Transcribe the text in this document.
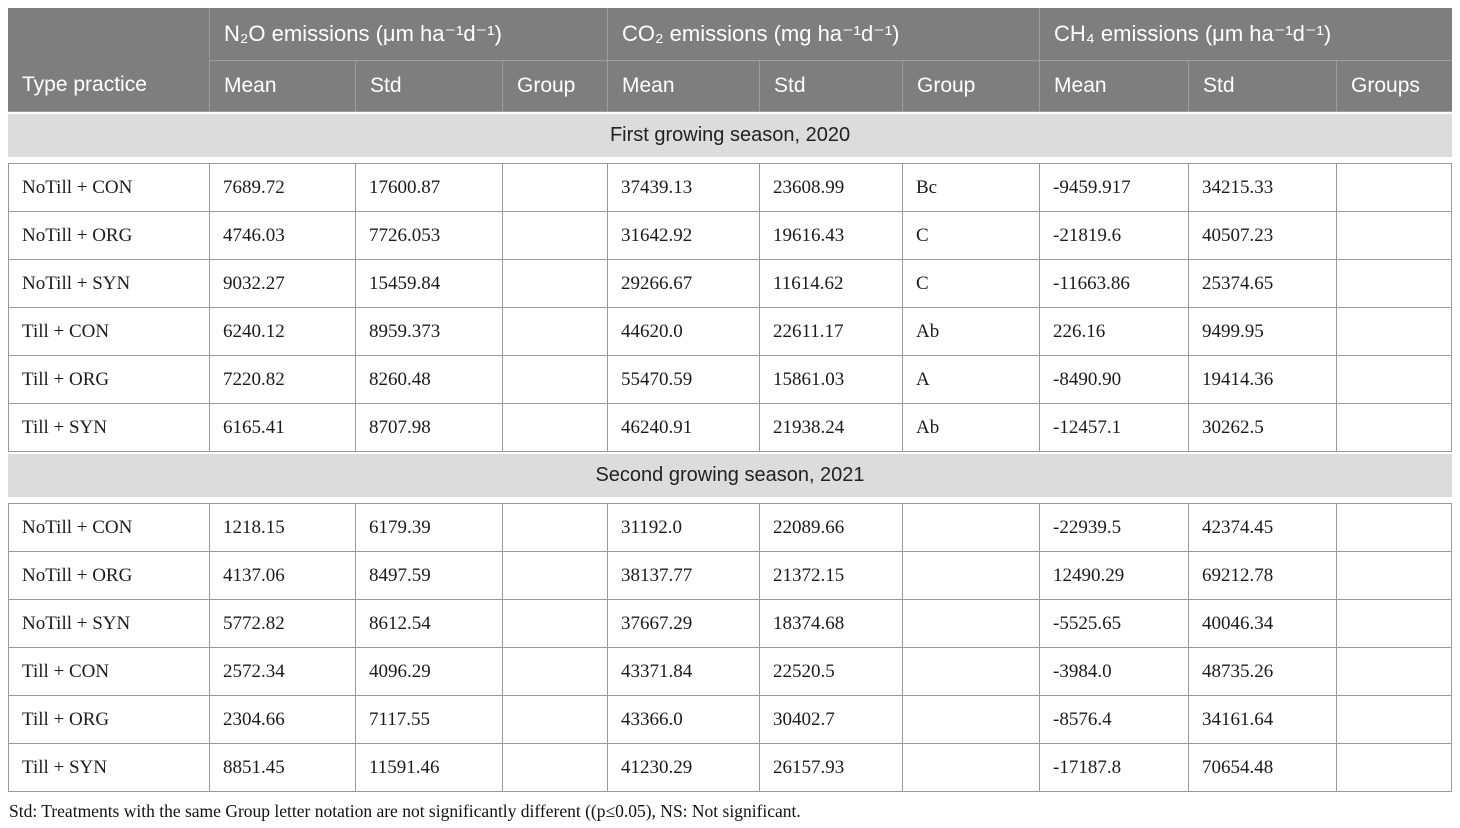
Type practice	N₂O emissions (μm ha⁻¹d⁻¹)			CO₂ emissions (mg ha⁻¹d⁻¹)			CH₄ emissions (μm ha⁻¹d⁻¹)		
	Mean	Std	Group	Mean	Std	Group	Mean	Std	Groups
First growing season, 2020									
NoTill + CON	7689.72	17600.87		37439.13	23608.99	Bc	-9459.917	34215.33	
NoTill + ORG	4746.03	7726.053		31642.92	19616.43	C	-21819.6	40507.23	
NoTill + SYN	9032.27	15459.84		29266.67	11614.62	C	-11663.86	25374.65	
Till + CON	6240.12	8959.373		44620.0	22611.17	Ab	226.16	9499.95	
Till + ORG	7220.82	8260.48		55470.59	15861.03	A	-8490.90	19414.36	
Till + SYN	6165.41	8707.98		46240.91	21938.24	Ab	-12457.1	30262.5	
Second growing season, 2021									
NoTill + CON	1218.15	6179.39		31192.0	22089.66		-22939.5	42374.45	
NoTill + ORG	4137.06	8497.59		38137.77	21372.15		12490.29	69212.78	
NoTill + SYN	5772.82	8612.54		37667.29	18374.68		-5525.65	40046.34	
Till + CON	2572.34	4096.29		43371.84	22520.5		-3984.0	48735.26	
Till + ORG	2304.66	7117.55		43366.0	30402.7		-8576.4	34161.64	
Till + SYN	8851.45	11591.46		41230.29	26157.93		-17187.8	70654.48	

Std: Treatments with the same Group letter notation are not significantly different ((p≤0.05), NS: Not significant.
